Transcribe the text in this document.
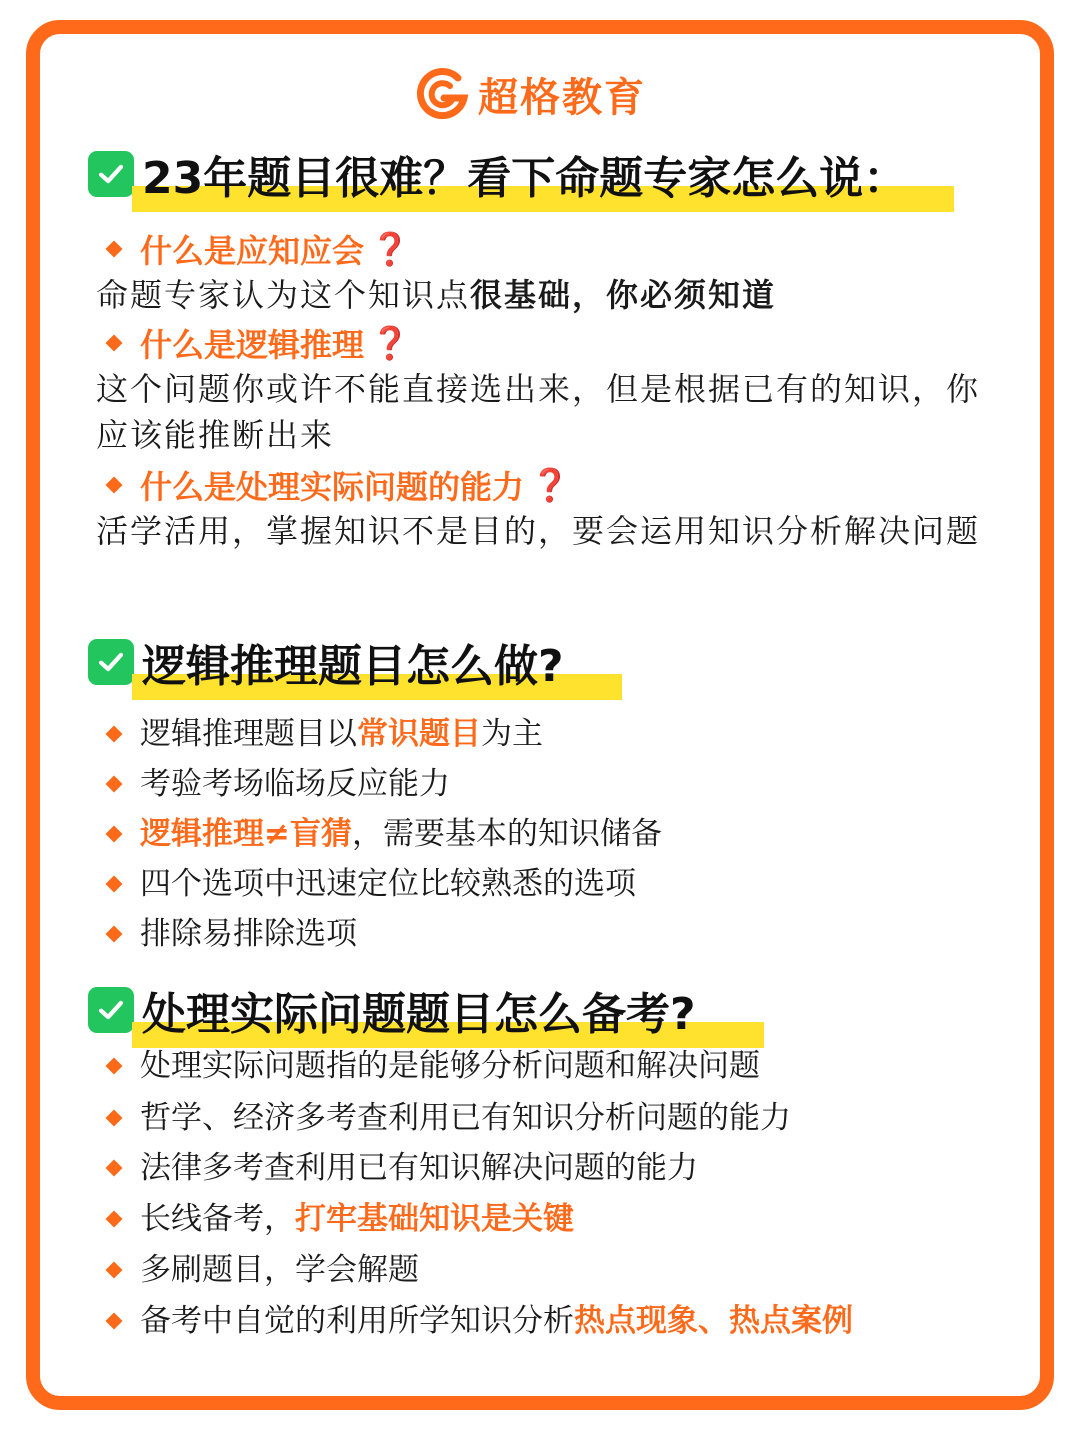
超格教育
23年题目很难？看下命题专家怎么说：
什么是应知应会 ❓
命题专家认为这个知识点很基础，你必须知道
什么是逻辑推理 ❓
这个问题你或许不能直接选出来，但是根据已有的知识，你应该能推断出来
什么是处理实际问题的能力 ❓
活学活用，掌握知识不是目的，要会运用知识分析解决问题
逻辑推理题目怎么做?
逻辑推理题目以 常识题目 为主
考验考场临场反应能力
逻辑推理≠盲猜 ，需要基本的知识储备
四个选项中迅速定位比较熟悉的选项
排除易排除选项
处理实际问题题目怎么备考?
处理实际问题指的是能够分析问题和解决问题
哲学、经济多考查利用已有知识分析问题的能力
法律多考查利用已有知识解决问题的能力
长线备考， 打牢基础知识是关键
多刷题目，学会解题
备考中自觉的利用所学知识分析 热点现象、热点案例
